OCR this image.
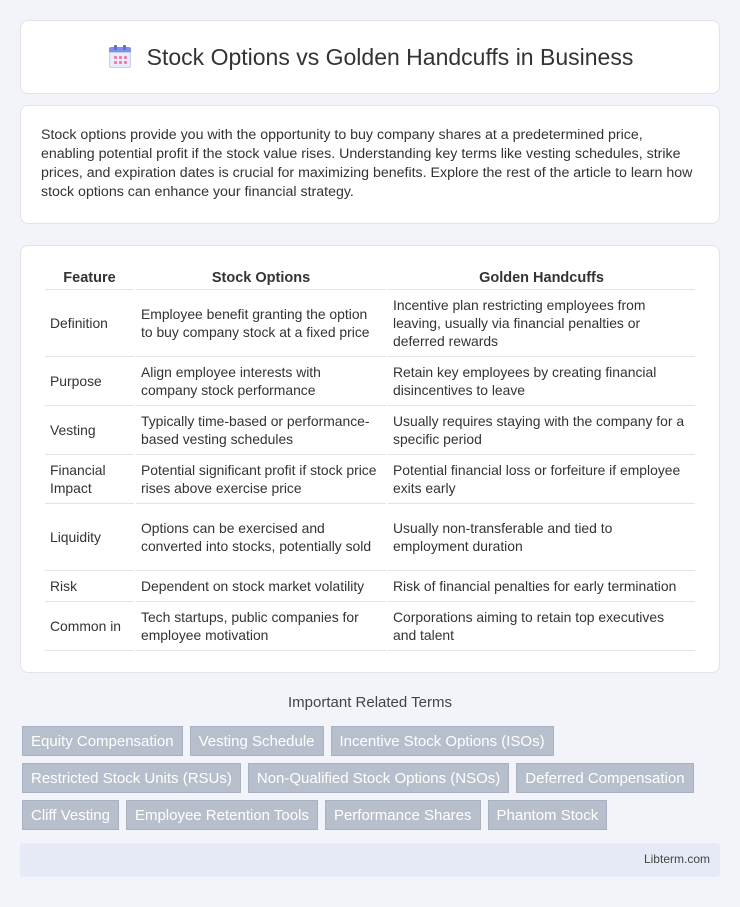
Stock Options vs Golden Handcuffs in Business

Stock options provide you with the opportunity to buy company shares at a predetermined price, enabling potential profit if the stock value rises. Understanding key terms like vesting schedules, strike prices, and expiration dates is crucial for maximizing benefits. Explore the rest of the article to learn how stock options can enhance your financial strategy.

Feature	Stock Options	Golden Handcuffs
Definition	Employee benefit granting the option to buy company stock at a fixed price	Incentive plan restricting employees from leaving, usually via financial penalties or deferred rewards
Purpose	Align employee interests with company stock performance	Retain key employees by creating financial disincentives to leave
Vesting	Typically time-based or performance-based vesting schedules	Usually requires staying with the company for a specific period
Financial Impact	Potential significant profit if stock price rises above exercise price	Potential financial loss or forfeiture if employee exits early
Liquidity	Options can be exercised and converted into stocks, potentially sold	Usually non-transferable and tied to employment duration
Risk	Dependent on stock market volatility	Risk of financial penalties for early termination
Common in	Tech startups, public companies for employee motivation	Corporations aiming to retain top executives and talent
Important Related Terms
Equity Compensation	Vesting Schedule	Incentive Stock Options (ISOs)
Restricted Stock Units (RSUs)	Non-Qualified Stock Options (NSOs)	Deferred Compensation
Cliff Vesting	Employee Retention Tools	Performance Shares	Phantom Stock
Libterm.com
